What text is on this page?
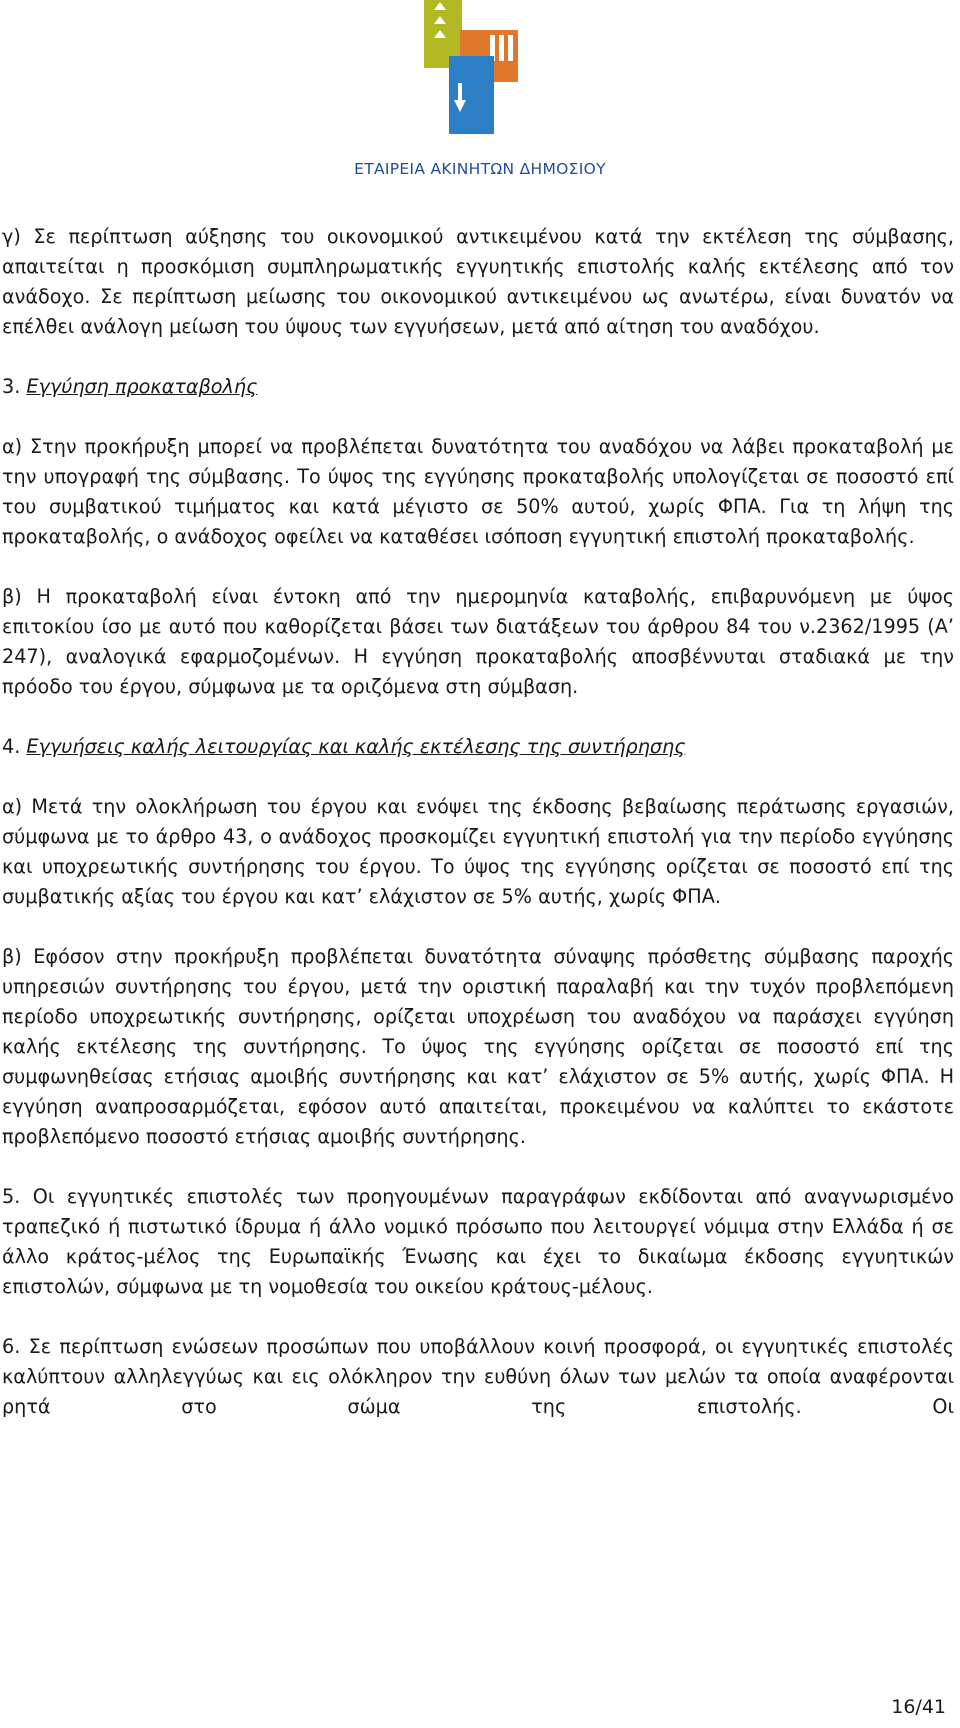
ΕΤΑΙΡΕΙΑ ΑΚΙΝΗΤΩΝ ΔΗΜΟΣΙΟΥ

γ) Σε περίπτωση αύξησης του οικονομικού αντικειμένου κατά την εκτέλεση της σύμβασης, απαιτείται η προσκόμιση συμπληρωματικής εγγυητικής επιστολής καλής εκτέλεσης από τον ανάδοχο. Σε περίπτωση μείωσης του οικονομικού αντικειμένου ως ανωτέρω, είναι δυνατόν να επέλθει ανάλογη μείωση του ύψους των εγγυήσεων, μετά από αίτηση του αναδόχου.

3. Εγγύηση προκαταβολής

α) Στην προκήρυξη μπορεί να προβλέπεται δυνατότητα του αναδόχου να λάβει προκαταβολή με την υπογραφή της σύμβασης. Το ύψος της εγγύησης προκαταβολής υπολογίζεται σε ποσοστό επί του συμβατικού τιμήματος και κατά μέγιστο σε 50% αυτού, χωρίς ΦΠΑ. Για τη λήψη της προκαταβολής, ο ανάδοχος οφείλει να καταθέσει ισόποση εγγυητική επιστολή προκαταβολής.

β) Η προκαταβολή είναι έντοκη από την ημερομηνία καταβολής, επιβαρυνόμενη με ύψος επιτοκίου ίσο με αυτό που καθορίζεται βάσει των διατάξεων του άρθρου 84 του ν.2362/1995 (Α’ 247), αναλογικά εφαρμοζομένων. Η εγγύηση προκαταβολής αποσβέννυται σταδιακά με την πρόοδο του έργου, σύμφωνα με τα οριζόμενα στη σύμβαση.

4. Εγγυήσεις καλής λειτουργίας και καλής εκτέλεσης της συντήρησης

α) Μετά την ολοκλήρωση του έργου και ενόψει της έκδοσης βεβαίωσης περάτωσης εργασιών, σύμφωνα με το άρθρο 43, ο ανάδοχος προσκομίζει εγγυητική επιστολή για την περίοδο εγγύησης και υποχρεωτικής συντήρησης του έργου. Το ύψος της εγγύησης ορίζεται σε ποσοστό επί της συμβατικής αξίας του έργου και κατ’ ελάχιστον σε 5% αυτής, χωρίς ΦΠΑ.

β) Εφόσον στην προκήρυξη προβλέπεται δυνατότητα σύναψης πρόσθετης σύμβασης παροχής υπηρεσιών συντήρησης του έργου, μετά την οριστική παραλαβή και την τυχόν προβλεπόμενη περίοδο υποχρεωτικής συντήρησης, ορίζεται υποχρέωση του αναδόχου να παράσχει εγγύηση καλής εκτέλεσης της συντήρησης. Το ύψος της εγγύησης ορίζεται σε ποσοστό επί της συμφωνηθείσας ετήσιας αμοιβής συντήρησης και κατ’ ελάχιστον σε 5% αυτής, χωρίς ΦΠΑ. Η εγγύηση αναπροσαρμόζεται, εφόσον αυτό απαιτείται, προκειμένου να καλύπτει το εκάστοτε προβλεπόμενο ποσοστό ετήσιας αμοιβής συντήρησης.

5. Οι εγγυητικές επιστολές των προηγουμένων παραγράφων εκδίδονται από αναγνωρισμένο τραπεζικό ή πιστωτικό ίδρυμα ή άλλο νομικό πρόσωπο που λειτουργεί νόμιμα στην Ελλάδα ή σε άλλο κράτος-μέλος της Ευρωπαϊκής Ένωσης και έχει το δικαίωμα έκδοσης εγγυητικών επιστολών, σύμφωνα με τη νομοθεσία του οικείου κράτους-μέλους.

6. Σε περίπτωση ενώσεων προσώπων που υποβάλλουν κοινή προσφορά, οι εγγυητικές επιστολές καλύπτουν αλληλεγγύως και εις ολόκληρον την ευθύνη όλων των μελών τα οποία αναφέρονται ρητά στο σώμα της επιστολής. Οι

16/41
